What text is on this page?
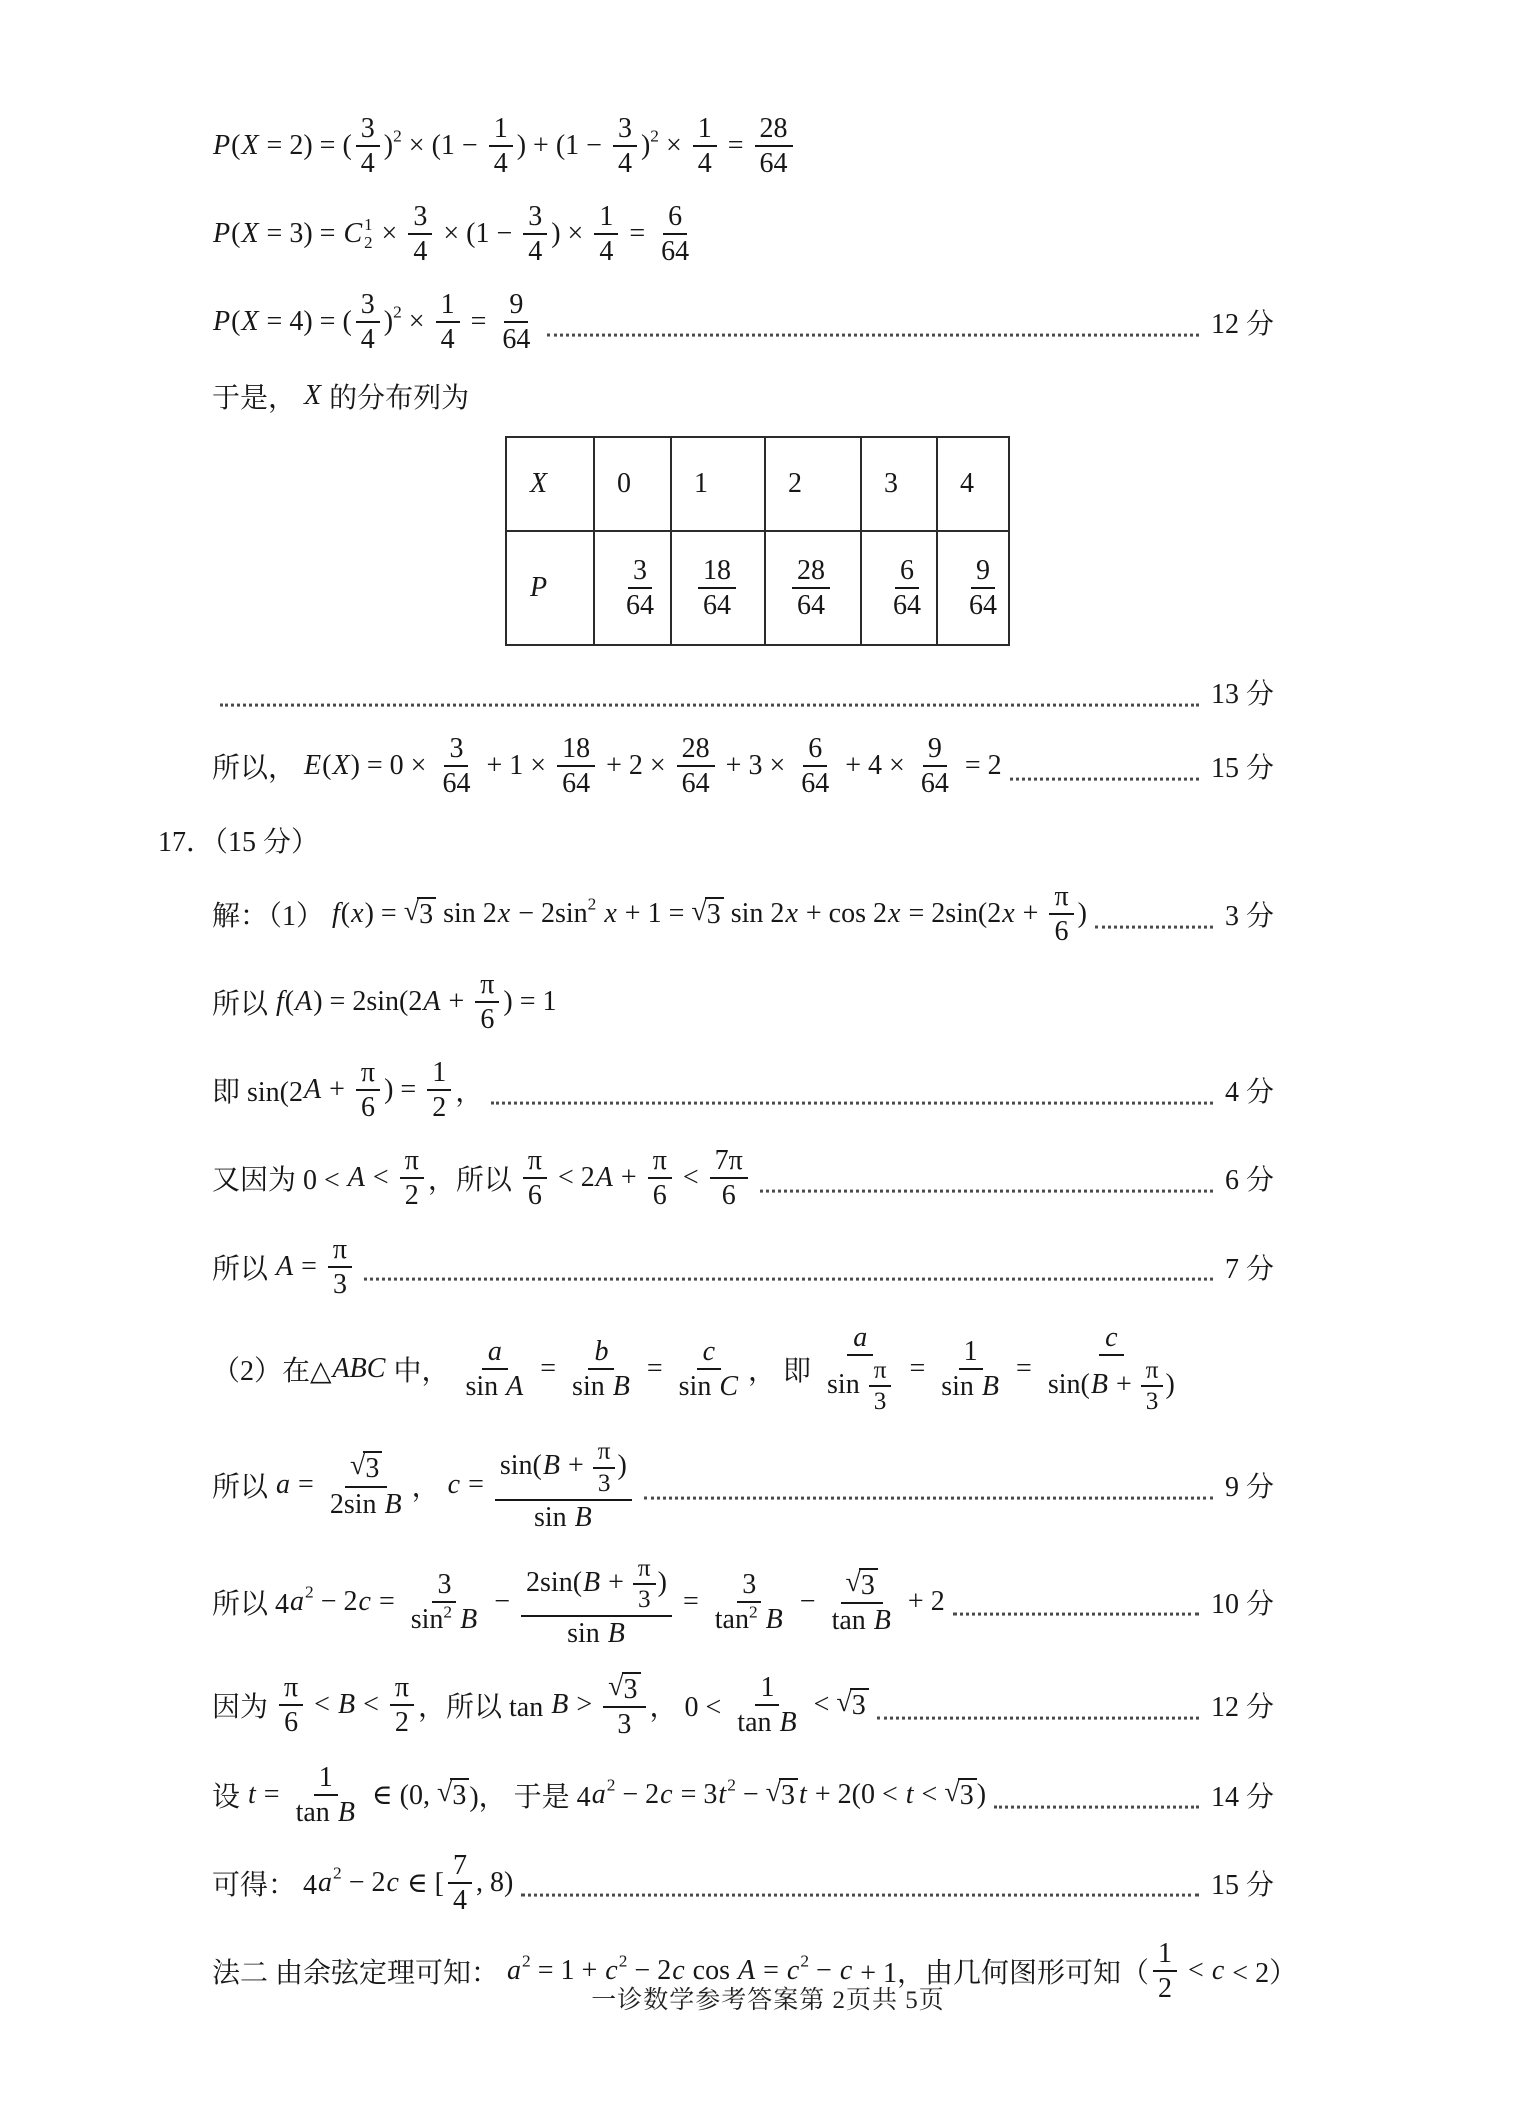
P ( X = 2) = ( $\frac{3}{4}$ ) $2 \times (1 - \frac{1}{4}$ ) + ($1 - \frac{3}{4}$ ) $2 \times \frac{1}{4} = \frac{28}{64}$
P ( X = 3) = C 1
$2 \times \frac{3}{4} \times (1 - \frac{3}{4}$ ) × $\frac{1}{4} = \frac{6}{64}$
P ( X = 4) = ( $\frac{3}{4}$ ) $2 \times \frac{1}{4} = \frac{9}{64}$	12 分
于是， X 的分布列为
X	0	1	2	3	4
P	$\frac{3}{64}$	$\frac{18}{64}$	$\frac{28}{64}$	$\frac{6}{64}$	$\frac{9}{64}$
13 分
所以， E ( X ) = $0 \times \frac{3}{64} + 1 \times \frac{18}{64} + 2 \times \frac{28}{64} + 3 \times \frac{6}{64} + 4 \times \frac{9}{64} = 2$	15 分
17．（15 分）
解：（1） f ( x ) = √ 3 sin 2 x − 2sin 2
x + 1 = √ 3 sin 2 x + cos 2 x = 2sin(2 $x + \frac{\pi}{6}$ )	3 分
所以 f ( A ) = 2sin(2 $A + \frac{\pi}{6}$ ) = 1
即 sin(2 $A + \frac{\pi}{6}$ ) = $\frac{1}{2}$ ，	4 分
又因为 $0 < A < \frac{\pi}{2}$ ，所以 $\frac{\pi}{6} < 2$ $A + \frac{\pi}{6} < \frac{7\pi}{6}$	6 分
所以 $A = \frac{\pi}{3}$	7 分
（2）在△ ABC 中， $\frac{a}{\text{sin A}} = \frac{b}{\text{sin B}} = \frac{c}{\text{sin C}}$ ， 即 $\frac{a}{\sin \frac{\pi}{3}} = \frac{1}{\text{sin B}} = \frac{c}{\sin(B + \frac{\pi}{3} )}$
所以 $a = \frac{√ 3}{\text{2sin B}}$ ， $c = \frac{\sin(B + \frac{\pi}{3} )}{\text{sin B}}$	9 分
所以 4 a 2 − 2 $c = \frac{3}{\sin^2 B} - \frac{2\sin(B + \frac{\pi}{3} )}{\text{sin B}} = \frac{3}{\tan^2 B} - \frac{√ 3}{\text{tan B}} + 2$	10 分
因为 $\frac{\pi}{6} < B < \frac{\pi}{2}$ ，所以 $\tan B > \frac{√ 3}{3}$ ， $0 < \frac{1}{\text{tan B}}$ < √ 3	12 分
设 $t = \frac{1}{\text{tan B}}$ ∈ (0, √ 3 )， 于是 4 a 2 − 2 c = 3 t 2 − √ 3 t + 2(0 < t < √ 3 )	14 分
可得： 4 a 2 − 2 c ∈ [ $\frac{7}{4}$ , 8)	15 分
法二 由余弦定理可知： a 2 = 1 + c 2 − 2 c cos A = c 2 − c + 1，由几何图形可知（ $\frac{1}{2} < c < 2$）
一诊数学参考答案第 2页共 5页
